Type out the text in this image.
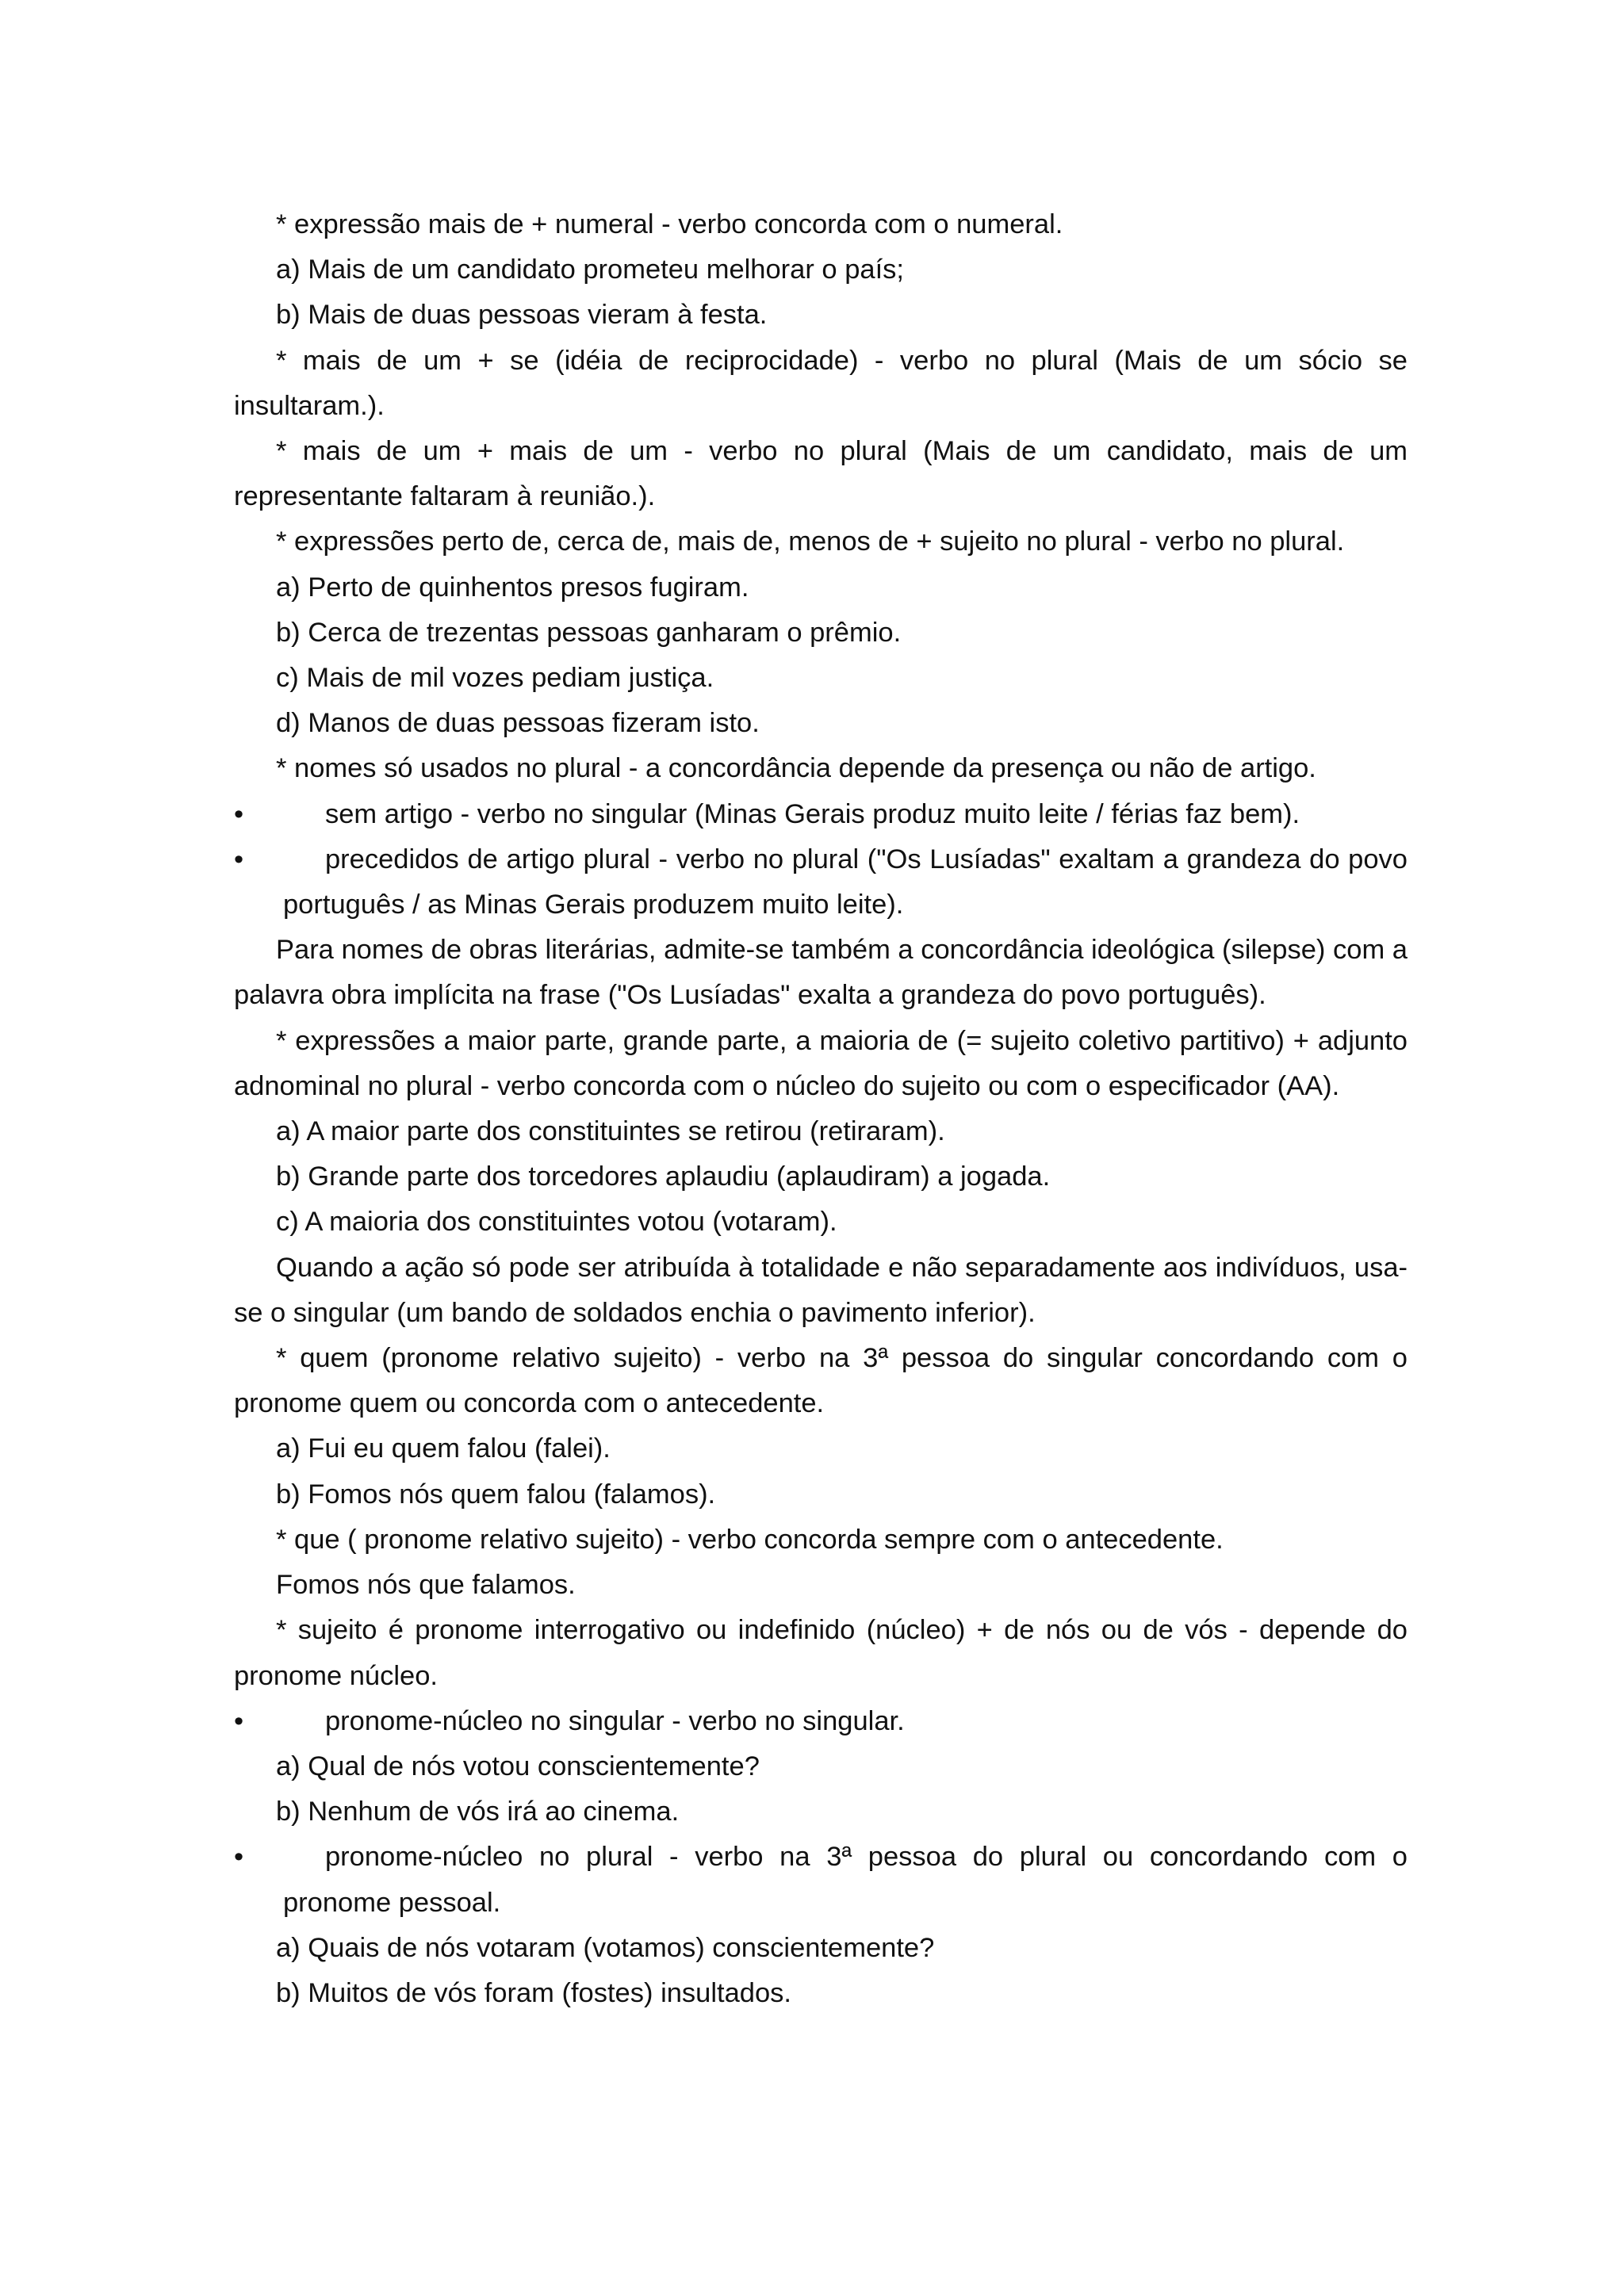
* expressão mais de + numeral - verbo concorda com o numeral.

a) Mais de um candidato prometeu melhorar o país;

b) Mais de duas pessoas vieram à festa.

* mais de um + se (idéia de reciprocidade) - verbo no plural (Mais de um sócio se insultaram.).

* mais de um + mais de um - verbo no plural (Mais de um candidato, mais de um representante faltaram à reunião.).

* expressões perto de, cerca de, mais de, menos de + sujeito no plural - verbo no plural.

a) Perto de quinhentos presos fugiram.

b) Cerca de trezentas pessoas ganharam o prêmio.

c) Mais de mil vozes pediam justiça.

d) Manos de duas pessoas fizeram isto.

* nomes só usados no plural - a concordância depende da presença ou não de artigo.

•	sem artigo - verbo no singular (Minas Gerais produz muito leite / férias faz bem).

•	precedidos de artigo plural - verbo no plural ("Os Lusíadas" exaltam a grandeza do povo português / as Minas Gerais produzem muito leite).

Para nomes de obras literárias, admite-se também a concordância ideológica (silepse) com a palavra obra implícita na frase ("Os Lusíadas" exalta a grandeza do povo português).

* expressões a maior parte, grande parte, a maioria de (= sujeito coletivo partitivo) + adjunto adnominal no plural - verbo concorda com o núcleo do sujeito ou com o especificador (AA).

a) A maior parte dos constituintes se retirou (retiraram).

b) Grande parte dos torcedores aplaudiu (aplaudiram) a jogada.

c) A maioria dos constituintes votou (votaram).

Quando a ação só pode ser atribuída à totalidade e não separadamente aos indivíduos, usa-se o singular (um bando de soldados enchia o pavimento inferior).

* quem (pronome relativo sujeito) - verbo na 3ª pessoa do singular concordando com o pronome quem ou concorda com o antecedente.

a) Fui eu quem falou (falei).

b) Fomos nós quem falou (falamos).

* que ( pronome relativo sujeito) - verbo concorda sempre com o antecedente.

Fomos nós que falamos.

* sujeito é pronome interrogativo ou indefinido (núcleo) + de nós ou de vós - depende do pronome núcleo.

•	pronome-núcleo no singular - verbo no singular.

a) Qual de nós votou conscientemente?

b) Nenhum de vós irá ao cinema.

•	pronome-núcleo no plural - verbo na 3ª pessoa do plural ou concordando com o pronome pessoal.

a) Quais de nós votaram (votamos) conscientemente?

b) Muitos de vós foram (fostes) insultados.
